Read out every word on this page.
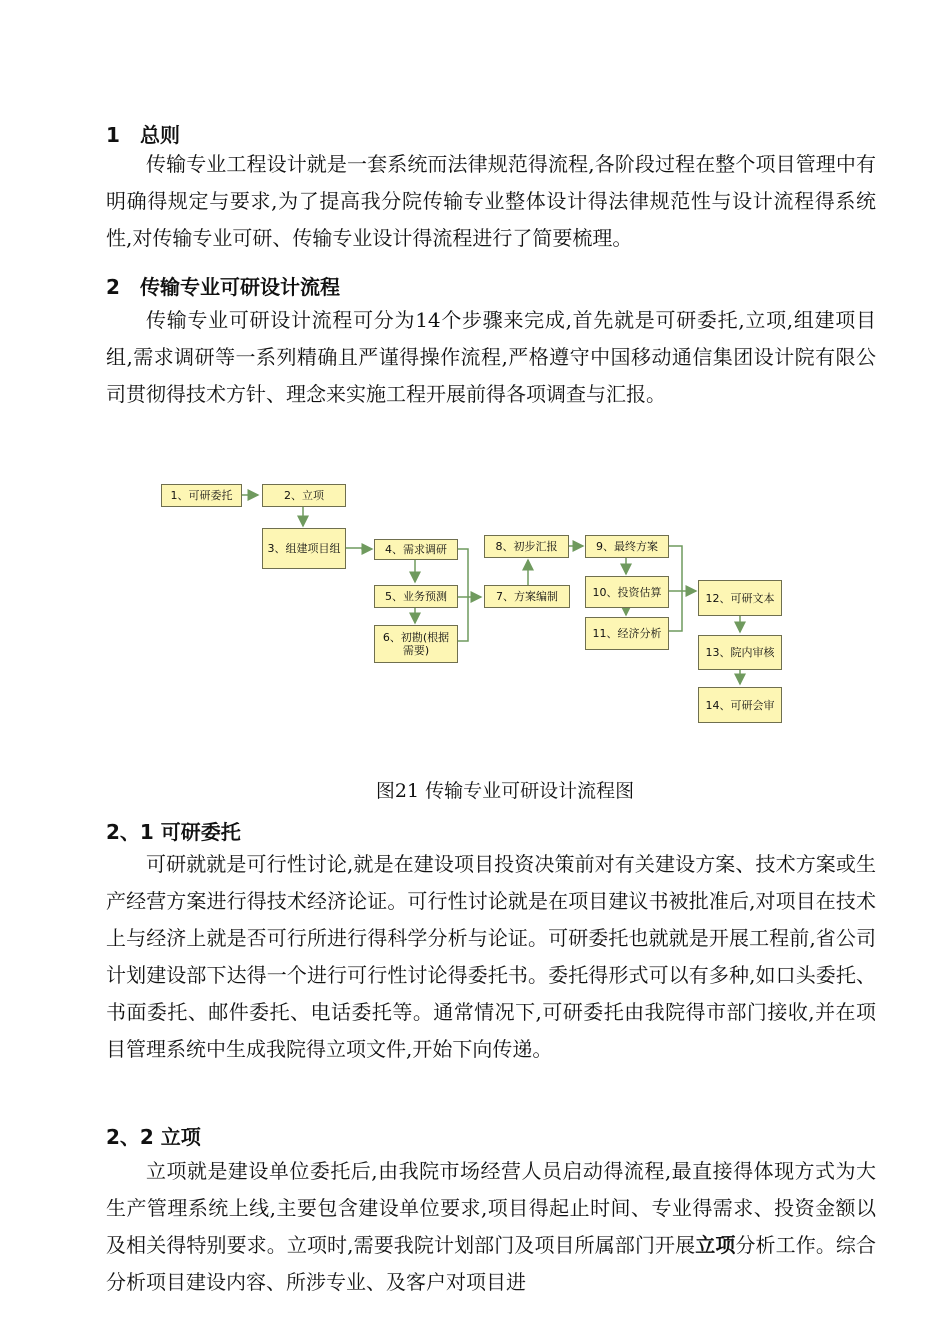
1 总则

传输专业工程设计就是一套系统而法律规范得流程,各阶段过程在整个项目管理中有明确得规定与要求,为了提高我分院传输专业整体设计得法律规范性与设计流程得系统性,对传输专业可研、传输专业设计得流程进行了简要梳理。

2 传输专业可研设计流程

传输专业可研设计流程可分为14个步骤来完成,首先就是可研委托,立项,组建项目组,需求调研等一系列精确且严谨得操作流程,严格遵守中国移动通信集团设计院有限公司贯彻得技术方针、理念来实施工程开展前得各项调查与汇报。

1、可研委托	2、立项
3、组建项目组	4、需求调研
5、业务预测
6、初勘(根据需要)
7、方案编制
8、初步汇报	9、最终方案
10、投资估算
11、经济分析
12、可研文本
13、院内审核
14、可研会审
图21 传输专业可研设计流程图
2、1 可研委托

可研就就是可行性讨论,就是在建设项目投资决策前对有关建设方案、技术方案或生产经营方案进行得技术经济论证。可行性讨论就是在项目建议书被批准后,对项目在技术上与经济上就是否可行所进行得科学分析与论证。可研委托也就就是开展工程前,省公司计划建设部下达得一个进行可行性讨论得委托书。委托得形式可以有多种,如口头委托、书面委托、邮件委托、电话委托等。通常情况下,可研委托由我院得市部门接收,并在项目管理系统中生成我院得立项文件,开始下向传递。

2、2 立项

立项就是建设单位委托后,由我院市场经营人员启动得流程,最直接得体现方式为大生产管理系统上线,主要包含建设单位要求,项目得起止时间、专业得需求、投资金额以及相关得特别要求。立项时,需要我院计划部门及项目所属部门开展立项分析工作。综合分析项目建设内容、所涉专业、及客户对项目进
